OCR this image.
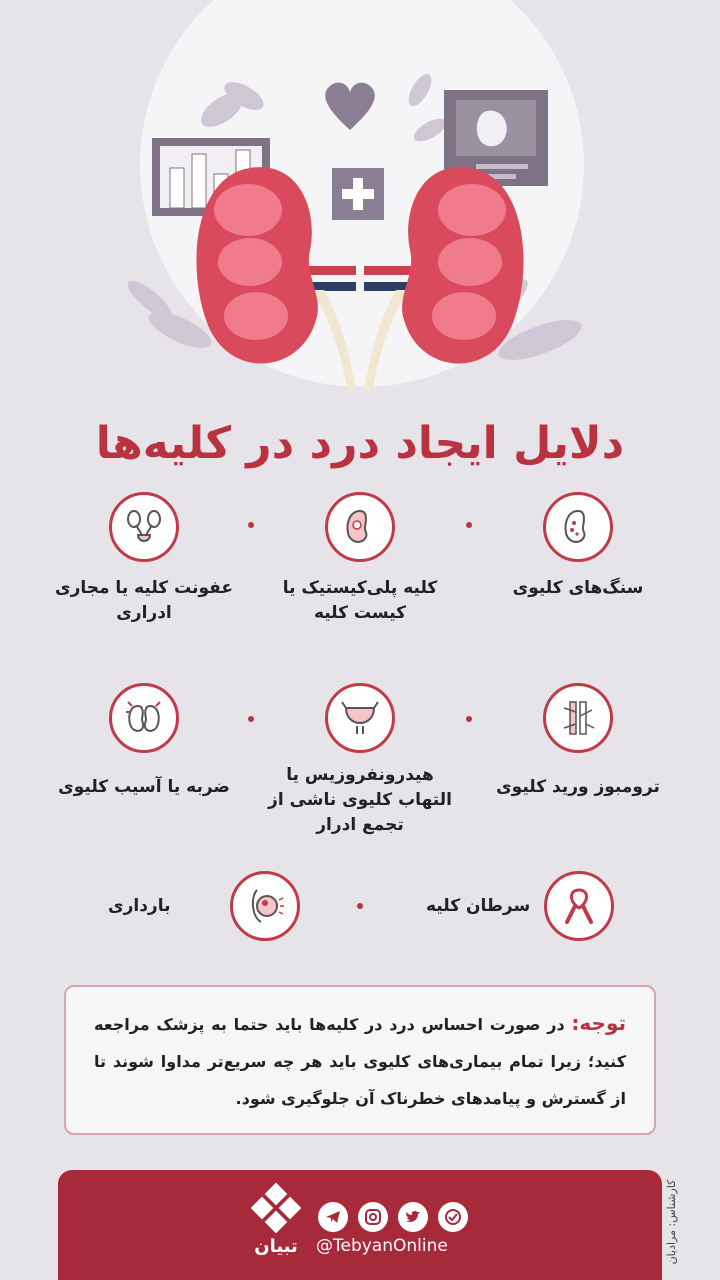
دلایل ایجاد درد در کلیه‌ها
سنگ‌های کلیوی
کلیه پلی‌کیستیک یا کیست کلیه
عفونت کلیه یا مجاری ادراری
ترومبوز ورید کلیوی
هیدرونفروزیس یا التهاب کلیوی ناشی از تجمع ادرار
ضربه یا آسیب کلیوی
سرطان کلیه
بارداری
توجه: در صورت احساس درد در کلیه‌ها باید حتما به پزشک مراجعه کنید؛ زیرا تمام بیماری‌های کلیوی باید هر چه سریع‌تر مداوا شوند تا از گسترش و پیامدهای خطرناک آن جلوگیری شود.
تبیان	@TebyanOnline	کارشناس: مرادیان
